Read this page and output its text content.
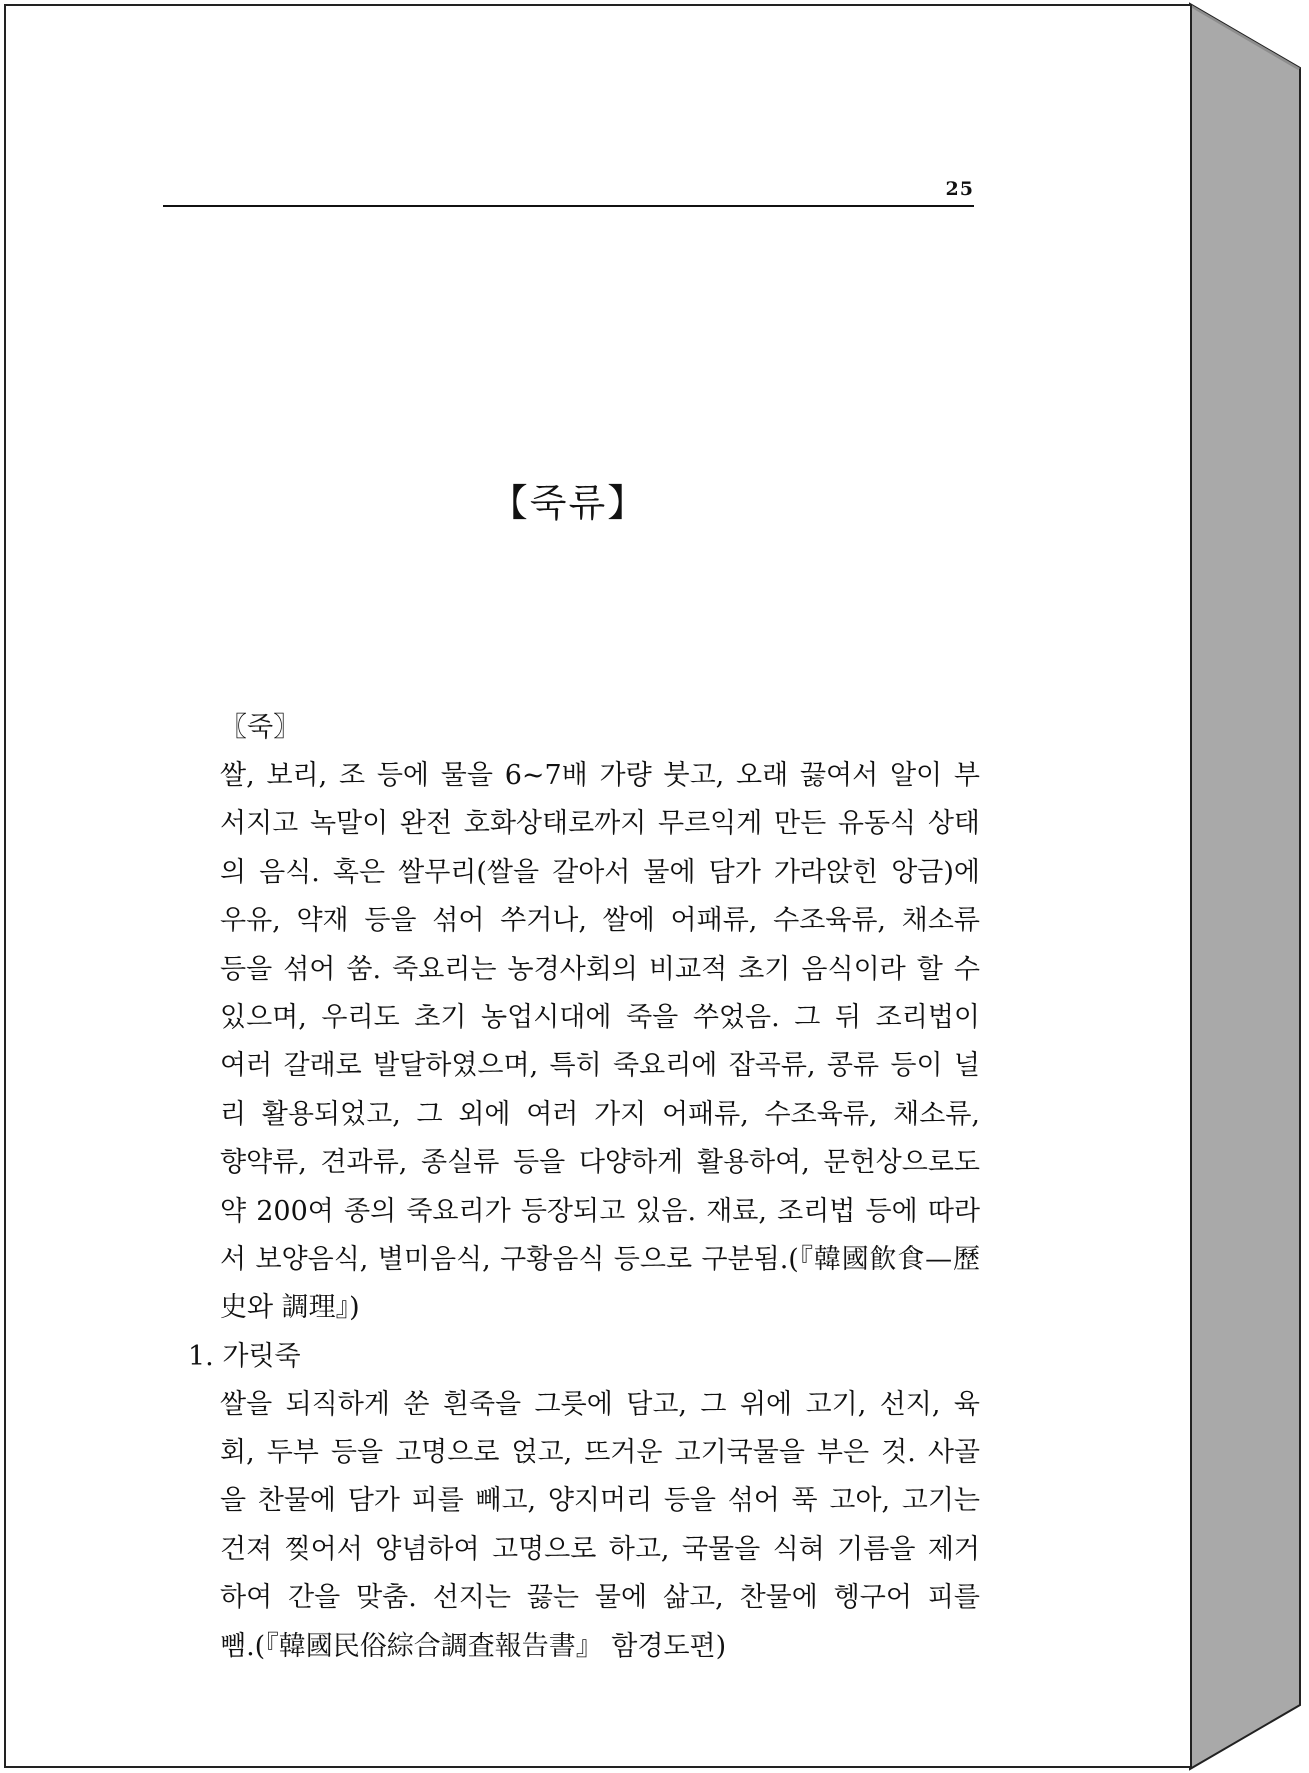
25
【죽류】
〖죽〗
쌀, 보리, 조 등에 물을 6~7배 가량 붓고, 오래 끓여서 알이 부
서지고 녹말이 완전 호화상태로까지 무르익게 만든 유동식 상태
의 음식. 혹은 쌀무리(쌀을 갈아서 물에 담가 가라앉힌 앙금)에
우유, 약재 등을 섞어 쑤거나, 쌀에 어패류, 수조육류, 채소류
등을 섞어 쑴. 죽요리는 농경사회의 비교적 초기 음식이라 할 수
있으며, 우리도 초기 농업시대에 죽을 쑤었음. 그 뒤 조리법이
여러 갈래로 발달하였으며, 특히 죽요리에 잡곡류, 콩류 등이 널
리 활용되었고, 그 외에 여러 가지 어패류, 수조육류, 채소류,
향약류, 견과류, 종실류 등을 다양하게 활용하여, 문헌상으로도
약 200여 종의 죽요리가 등장되고 있음. 재료, 조리법 등에 따라
서 보양음식, 별미음식, 구황음식 등으로 구분됨.(『韓國飮食—歷
史와 調理』)
1. 가릿죽
쌀을 되직하게 쑨 흰죽을 그릇에 담고, 그 위에 고기, 선지, 육
회, 두부 등을 고명으로 얹고, 뜨거운 고기국물을 부은 것. 사골
을 찬물에 담가 피를 빼고, 양지머리 등을 섞어 푹 고아, 고기는
건져 찢어서 양념하여 고명으로 하고, 국물을 식혀 기름을 제거
하여 간을 맞춤. 선지는 끓는 물에 삶고, 찬물에 헹구어 피를
뺌.(『韓國民俗綜合調査報告書』 함경도편)
